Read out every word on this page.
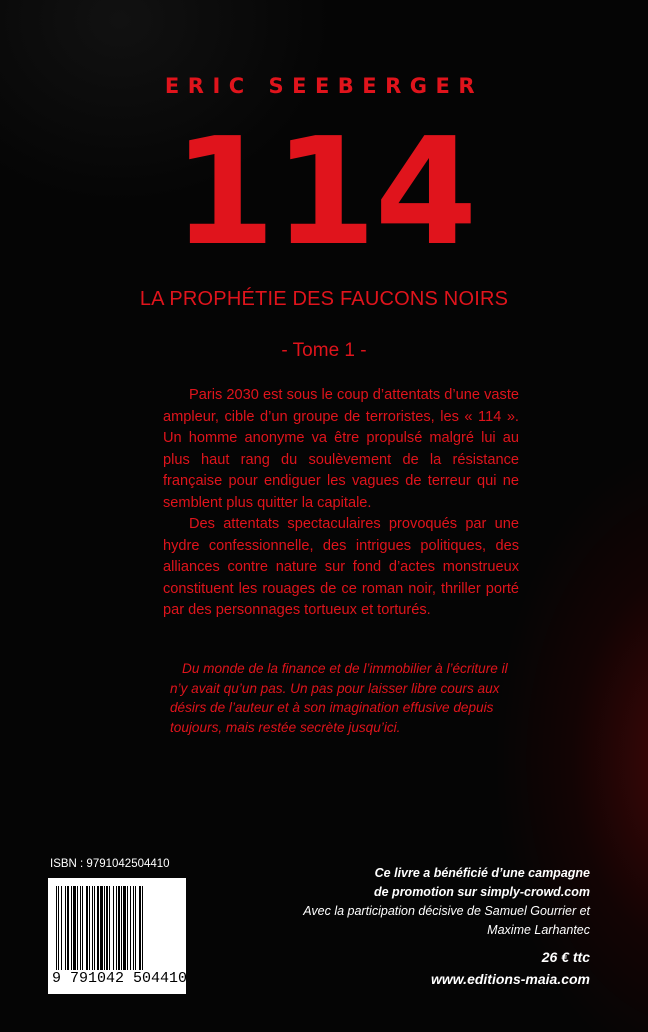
ERIC SEEBERGER
114
LA PROPHÉTIE DES FAUCONS NOIRS
- Tome 1 -

Paris 2030 est sous le coup d’attentats d’une vaste ampleur, cible d’un groupe de terroristes, les « 114 ». Un homme anonyme va être propulsé malgré lui au plus haut rang du soulèvement de la résistance française pour endiguer les vagues de terreur qui ne semblent plus quitter la capitale.

Des attentats spectaculaires provoqués par une hydre confessionnelle, des intrigues politiques, des alliances contre nature sur fond d’actes monstrueux constituent les rouages de ce roman noir, thriller porté par des personnages tortueux et torturés.

Du monde de la finance et de l’immobilier à l’écriture il n’y avait qu’un pas. Un pas pour laisser libre cours aux désirs de l’auteur et à son imagination effusive depuis toujours, mais restée secrète jusqu’ici.
ISBN : 9791042504410
9 791042 504410
Ce livre a bénéficié d’une campagne
de promotion sur simply-crowd.com
Avec la participation décisive de Samuel Gourrier et
Maxime Larhantec
26 € ttc
www.editions-maia.com
